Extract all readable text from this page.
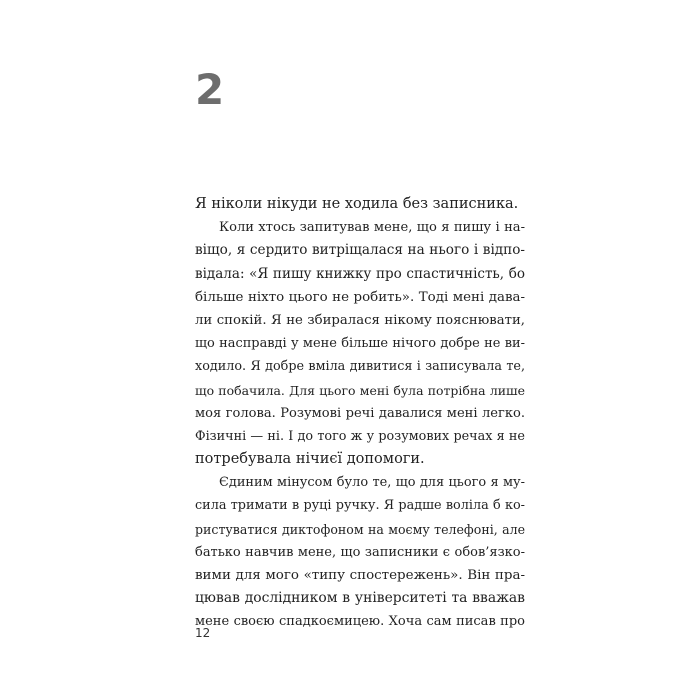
2
Я ніколи нікуди не ходила без записника.
Коли хтось запитував мене, що я пишу і на-
віщо, я сердито витріщалася на нього і відпо-
відала: «Я пишу книжку про спастичність, бо
більше ніхто цього не робить». Тоді мені дава-
ли спокій. Я не збиралася нікому пояснювати,
що насправді у мене більше нічого добре не ви-
ходило. Я добре вміла дивитися і записувала те,
що побачила. Для цього мені була потрібна лише
моя голова. Розумові речі давалися мені легко.
Фізичні — ні. І до того ж у розумових речах я не
потребувала нічиєї допомоги.
Єдиним мінусом було те, що для цього я му-
сила тримати в руці ручку. Я радше воліла б ко-
ристуватися диктофоном на моєму телефоні, але
батько навчив мене, що записники є обов’язко-
вими для мого «типу спостережень». Він пра-
цював дослідником в університеті та вважав
мене своєю спадкоємицею. Хоча сам писав про
12
